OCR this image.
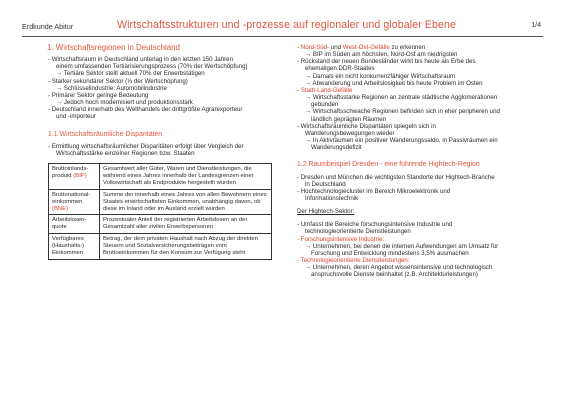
Erdkunde Abitur	Wirtschaftsstrukturen und -prozesse auf regionaler und globaler Ebene	1/4
1. Wirtschaftsregionen in Deutschland

- Wirtschaftsraum in Deutschland unterlag in den letzten 150 Jahren

einem umfassenden Tertiärisierungsprozess (70% der Wertschöpfung)

→ Tertiäre Sektor stellt aktuell 70% der Erwerbstätigen

- Starker sekundärer Sektor (⅓ der Wertschöpfung)

→ Schlüsselindustrie: Automobilindustrie

- Primärer Sektor geringe Bedeutung

→ Jedoch hoch modernisiert und produktionsstark

- Deutschland innerhalb des Welthandels der drittgrößte Agrarexporteur

und -importeur

1.1 Wirtschaftsräumliche Disparitäten

- Ermittlung wirtschaftsräumlicher Disparitäten erfolgt über Vergleich der

Wirtschaftsstärke einzelner Regionen bzw. Staaten

Bruttoinlands-
produkt (BIP)	Gesamtwert aller Güter, Waren und Dienstleistungen, die während eines Jahres innerhalb der Landesgrenzen einer Volkswirtschaft als Endprodukte hergestellt wurden
Bruttonational-
einkommen
(BNE)	Summe der innerhalb eines Jahres von allen Bewohnern eines Staates erwirtschafteten Einkommen, unabhängig davon, ob diese im Inland oder im Ausland erzielt wurden
Arbeitslosen-
quote	Prozentualer Anteil der registrierten Arbeitslosen an der Gesamtzahl aller zivilen Erwerbspersonen
Verfügbares
(Haushalts-) Einkommen	Betrag, der dem privaten Haushalt nach Abzug der direkten Steuern und Sozialversicherungsbeiträgen vom Bruttoeinkommen für den Konsum zur Verfügung steht

- Nord-Süd- und West-Ost-Gefälle zu erkennen

→ BIP im Süden am höchsten, Nord-Ost am niedrigsten

- Rückstand der neuen Bundesländer wirkt bis heute als Erbe des

ehemaligen DDR-Staates

→ Damals ein nicht konkurrenzfähiger Wirtschaftsraum

→ Abwanderung und Arbeitslosigkeit bis heute Problem im Osten

- Stadt-Land-Gefälle

→ Wirtschaftsstarke Regionen an zentrale städtische Agglomerationen

gebunden

→ Wirtschaftsschwache Regionen befinden sich in eher peripheren und

ländlich geprägten Räumen

- Wirtschaftsräumliche Disparitäten spiegeln sich in

Wanderungsbewegungen wieder

→ In Aktivräumen ein positiver Wanderungssaldo, in Passivräumen ein

Wanderungsdefizit

1.2 Raumbeispiel Dresden - eine führende Hightech-Region

- Dresden und München die wichtigsten Standorte der Hightech-Branche

in Deutschland

- Hochtechnologiecluster im Bereich Mikroelektronik und

Informationstechnik

Der Hightech-Sektor:

- Umfasst die Bereiche forschungsintensive Industrie und

technologieorientierte Dienstleistungen

- Forschungsintensive Industrie:

→ Unternehmen, bei denen die internen Aufwendungen am Umsatz für

Forschung und Entwicklung mindestens 3,5% ausmachen

- Technologieorientierte Dienstleistungen:

→ Unternehmen, deren Angebot wissensintensive und technologisch

anspruchsvolle Dienste beinhaltet (z.B. Architekturleistungen)
